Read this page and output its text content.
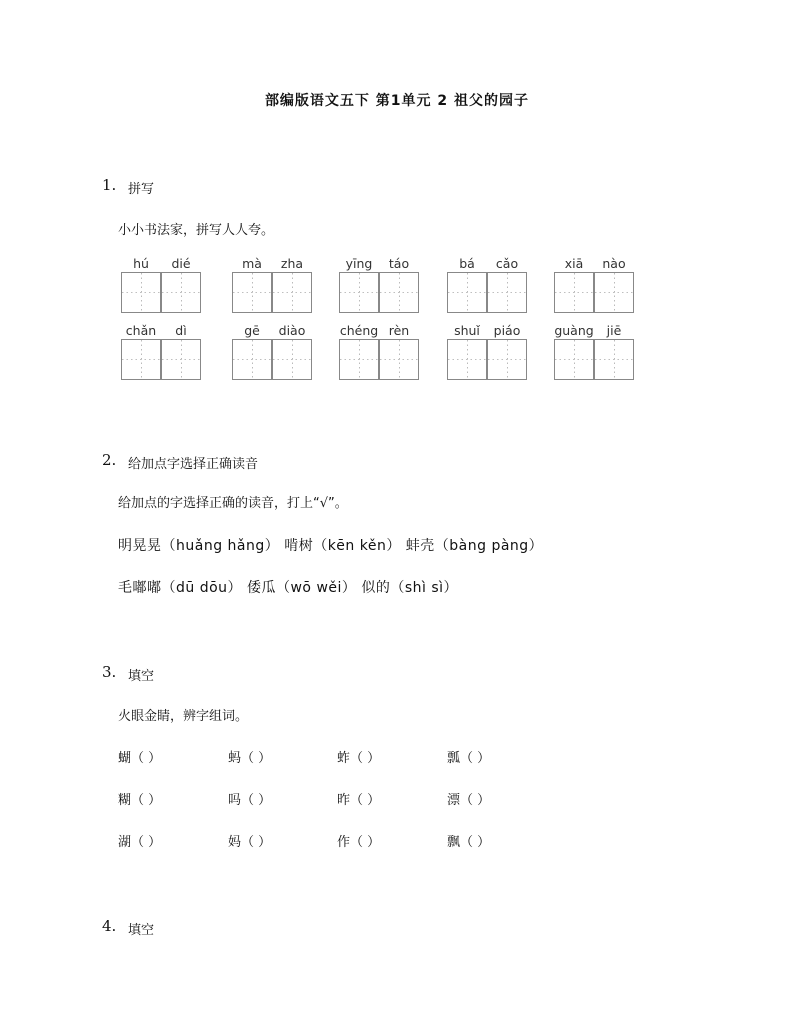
部编版语文五下 第1单元 2 祖父的园子
1. 拼写
小小书法家，拼写人人夸。
hú	dié	mà	zha	yīng	táo	bá	cǎo	xiā	nào
chǎn	dì	gē	diào	chéng rèn	shuǐ	piáo	guàng	jiē
2. 给加点字选择正确读音
给加点的字选择正确的读音，打上“√”。
明晃晃（huǎng hǎng） 啃树（kēn kěn） 蚌壳（bàng pàng）
毛嘟嘟（dū dōu） 倭瓜（wō wěi） 似的（shì sì）
3. 填空
火眼金睛，辨字组词。
蝴（ ）	蚂（ ）	蚱（ ）	瓢（ ）
糊（ ）	吗（ ）	昨（ ）	漂（ ）
湖（ ）	妈（ ）	作（ ）	飘（ ）
4. 填空
